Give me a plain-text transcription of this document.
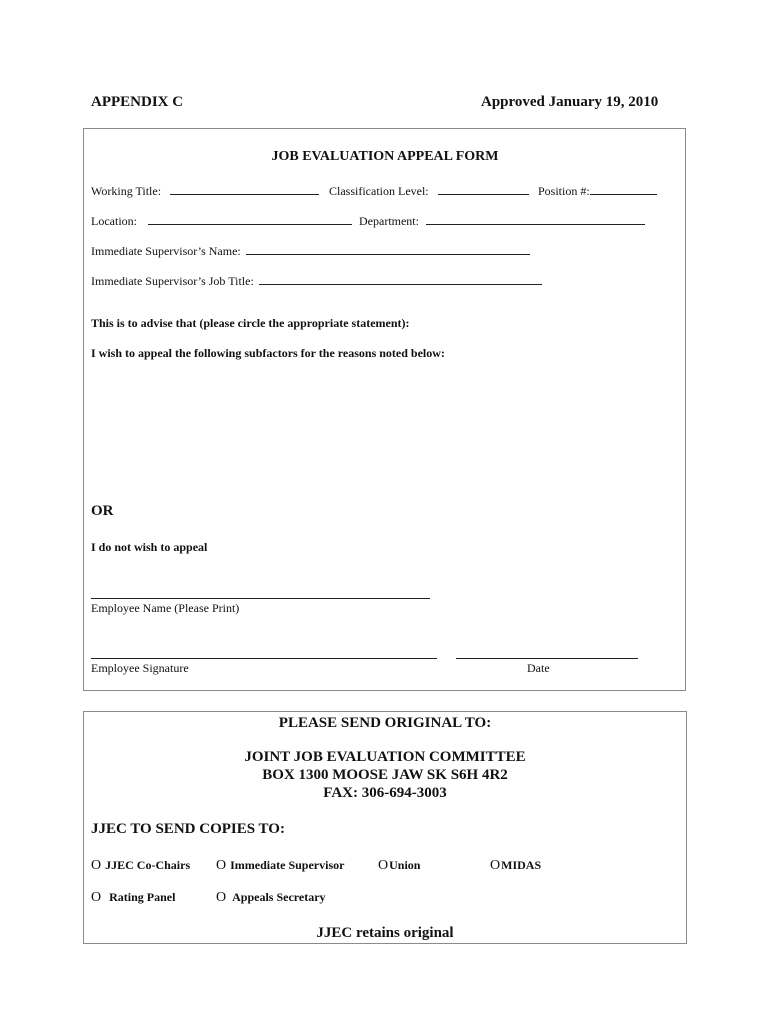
APPENDIX C	Approved January 19, 2010
JOB EVALUATION APPEAL FORM
Working Title:	Classification Level:	Position #:
Location:	Department:
Immediate Supervisor’s Name:
Immediate Supervisor’s Job Title:
This is to advise that (please circle the appropriate statement):
I wish to appeal the following subfactors for the reasons noted below:
OR
I do not wish to appeal
Employee Name (Please Print)
Employee Signature	Date
PLEASE SEND ORIGINAL TO:
JOINT JOB EVALUATION COMMITTEE
BOX 1300 MOOSE JAW SK S6H 4R2
FAX: 306-694-3003
JJEC TO SEND COPIES TO:
O JJEC Co-Chairs O Immediate Supervisor OUnion	OMIDAS
O Rating Panel	O Appeals Secretary
JJEC retains original
